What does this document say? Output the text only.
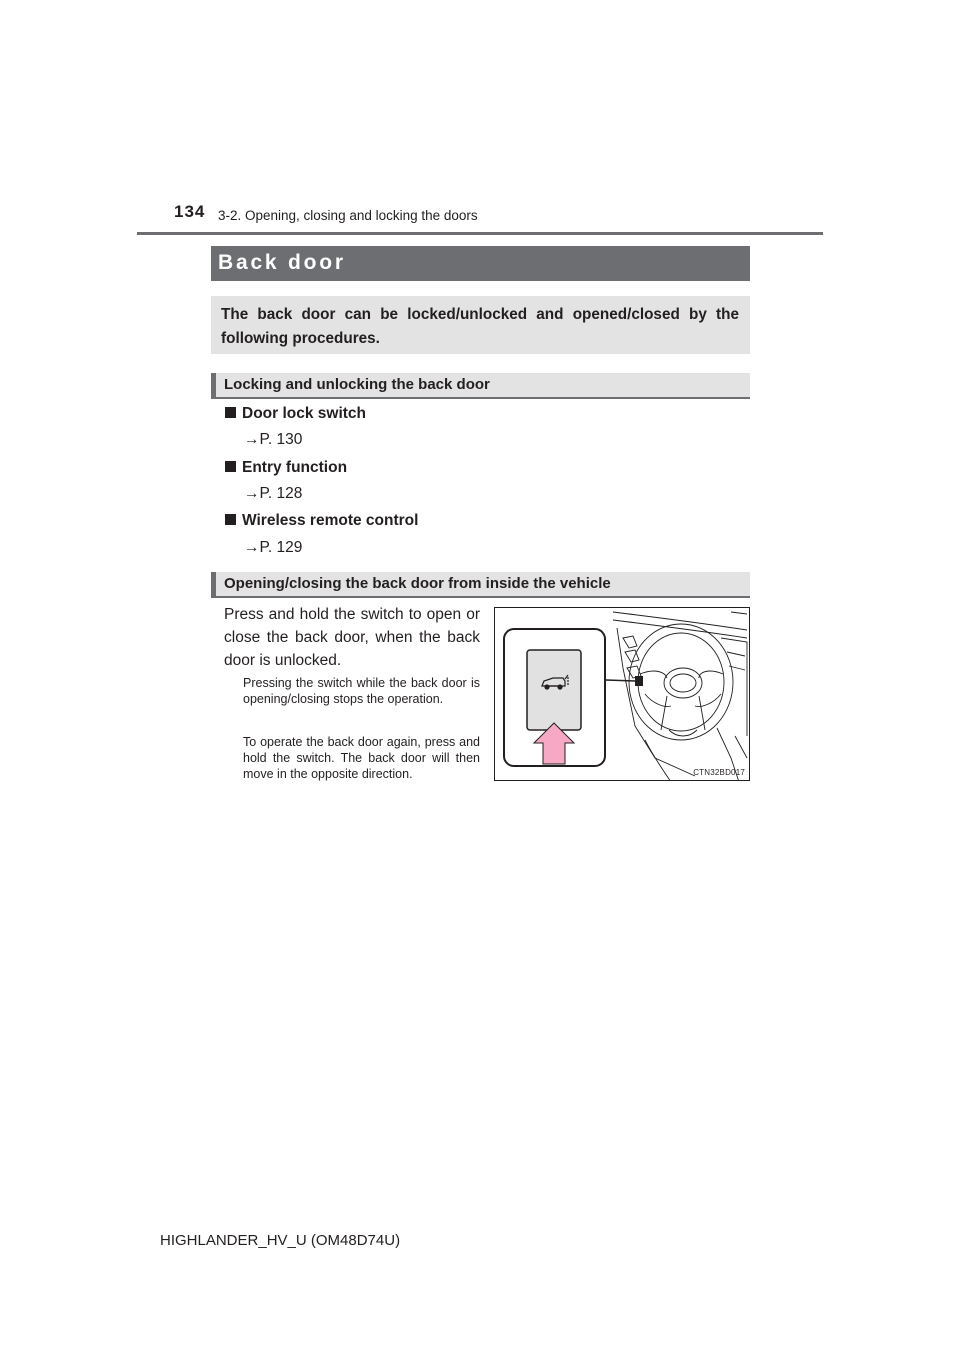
134 3-2. Opening, closing and locking the doors
Back door
The back door can be locked/unlocked and opened/closed by the following procedures.
Locking and unlocking the back door
Door lock switch
→P. 130
Entry function
→P. 128
Wireless remote control
→P. 129
Opening/closing the back door from inside the vehicle
Press and hold the switch to open or close the back door, when the back door is unlocked.
Pressing the switch while the back door is opening/closing stops the operation.
To operate the back door again, press and hold the switch. The back door will then move in the opposite direction.	CTN32BD017
HIGHLANDER_HV_U (OM48D74U)
